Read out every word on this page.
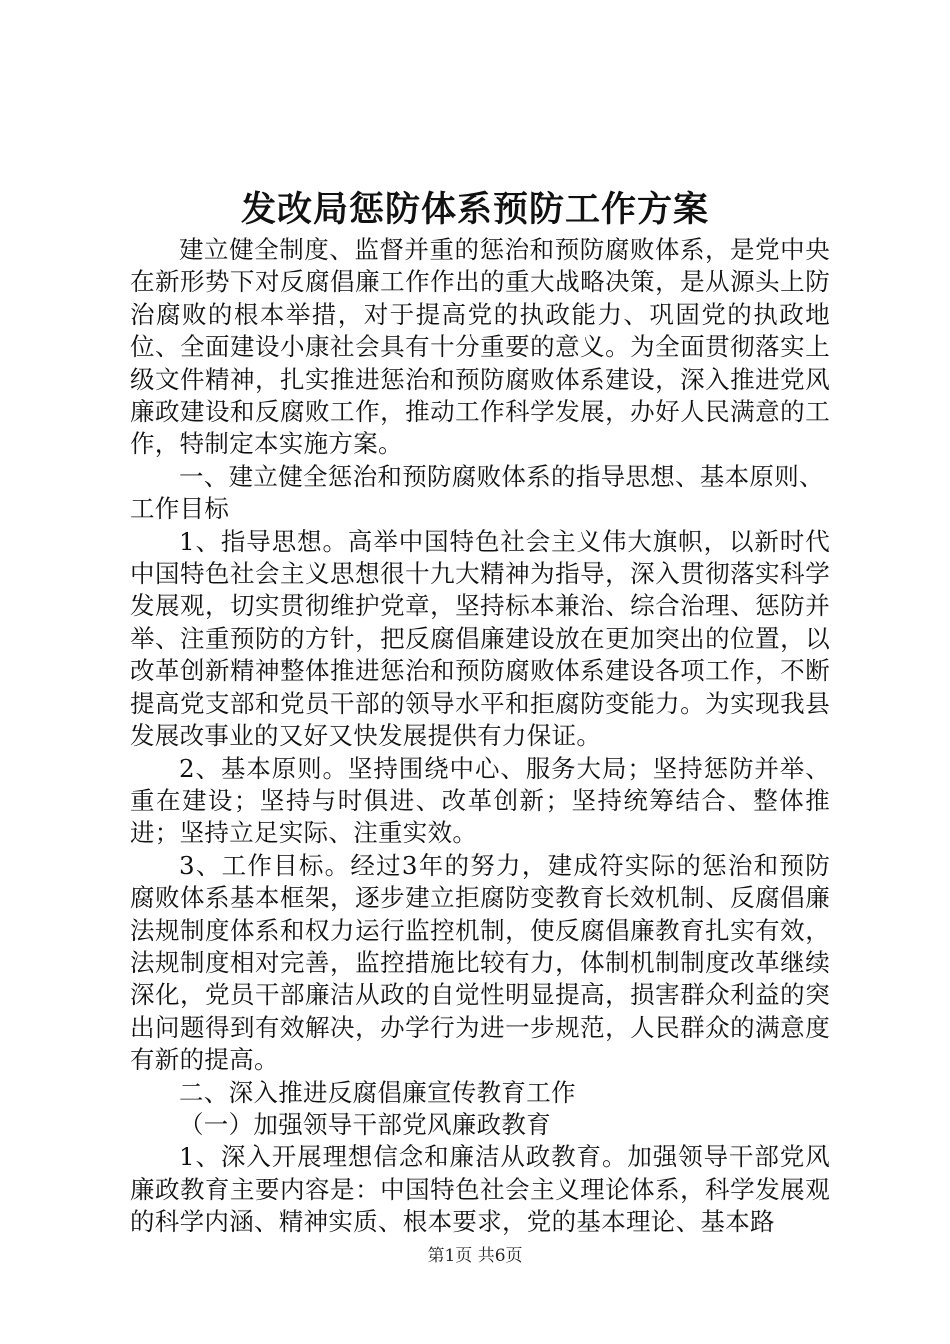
发改局惩防体系预防工作方案

建立健全制度、监督并重的惩治和预防腐败体系，是党中央在新形势下对反腐倡廉工作作出的重大战略决策，是从源头上防治腐败的根本举措，对于提高党的执政能力、巩固党的执政地位、全面建设小康社会具有十分重要的意义。为全面贯彻落实上级文件精神，扎实推进惩治和预防腐败体系建设，深入推进党风廉政建设和反腐败工作，推动工作科学发展，办好人民满意的工作，特制定本实施方案。

一、建立健全惩治和预防腐败体系的指导思想、基本原则、工作目标

1、指导思想。高举中国特色社会主义伟大旗帜，以新时代中国特色社会主义思想很十九大精神为指导，深入贯彻落实科学发展观，切实贯彻维护党章，坚持标本兼治、综合治理、惩防并举、注重预防的方针，把反腐倡廉建设放在更加突出的位置，以改革创新精神整体推进惩治和预防腐败体系建设各项工作，不断提高党支部和党员干部的领导水平和拒腐防变能力。为实现我县发展改事业的又好又快发展提供有力保证。

2、基本原则。坚持围绕中心、服务大局；坚持惩防并举、重在建设；坚持与时俱进、改革创新；坚持统筹结合、整体推进；坚持立足实际、注重实效。

3、工作目标。经过3年的努力，建成符实际的惩治和预防腐败体系基本框架，逐步建立拒腐防变教育长效机制、反腐倡廉法规制度体系和权力运行监控机制，使反腐倡廉教育扎实有效，法规制度相对完善，监控措施比较有力，体制机制制度改革继续深化，党员干部廉洁从政的自觉性明显提高，损害群众利益的突出问题得到有效解决，办学行为进一步规范，人民群众的满意度有新的提高。

二、深入推进反腐倡廉宣传教育工作

（一）加强领导干部党风廉政教育

1、深入开展理想信念和廉洁从政教育。加强领导干部党风廉政教育主要内容是：中国特色社会主义理论体系，科学发展观的科学内涵、精神实质、根本要求，党的基本理论、基本路

第1页 共6页
